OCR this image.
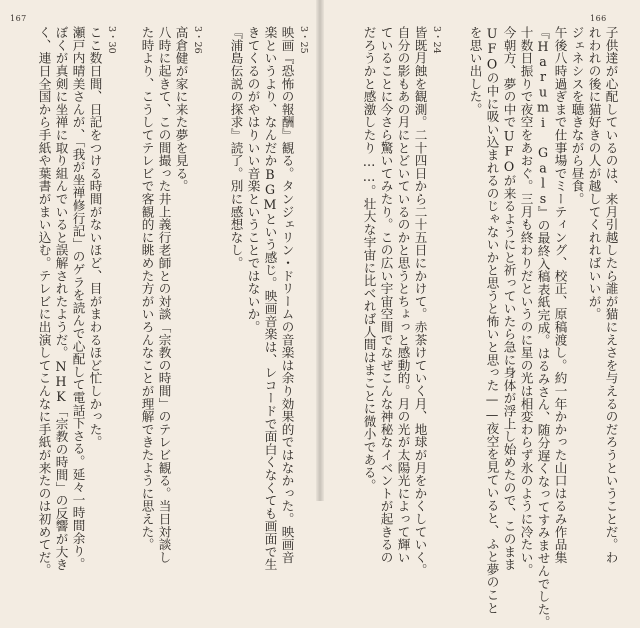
167	166
映画『恐怖の報酬』観る。タンジェリン・ドリームの音楽は余り効果的ではなかった。映画音
楽というより、なんだかBGMという感じ。映画音楽は、レコードで面白くなくても画面で生
きてくるのがやはりいい音楽ということではないか。
『浦島伝説の探求』読了。別に感想なし。
高倉健が家に来た夢を見る。
八時に起きて、この間撮った井上義行老師との対談「宗教の時間」のテレビ観る。当日対談し
た時より、こうしてテレビで客観的に眺めた方がいろんなことが理解できたように思えた。
ここ数日間、日記をつける時間がないほど、目がまわるほど忙しかった。
瀬戸内晴美さんが、「我が坐禅修行記」のゲラを読んで心配して電話下さる。延々一時間余り。
ぼくが真剣に坐禅に取り組んでいると誤解されたようだ。NHK「宗教の時間」の反響が大き
く、連日全国から手紙や葉書がまい込む。テレビに出演してこんなに手紙が来たのは初めてだ。	3・25
3・26
3・30	子供達が心配しているのは、来月引越したら誰が猫にえさを与えるのだろうということだ。わ
れわれの後に猫好きの人が越してくれればいいが。
ジェネシスを聴きながら昼食。
午後八時過ぎまで仕事場でミーティング、校正、原稿渡し。約一年かかった山口はるみ作品集
『Harumi Gals』の最終入稿表紙完成。はるみさん、随分遅くなってすみませんでした。
十数日振りで夜空をあおぐ。三月も終わりだというのに星の光は相変わらず氷のように冷たい。
今朝方、夢の中でUFOが来るようにと祈っていたら急に身体が浮上し始めたので、このまま
UFOの中に吸い込まれるのじゃないかと思うと怖いと思った——夜空を見ていると、ふと夢のこと
を思い出した。
皆既月蝕を観測。二十四日から二十五日にかけて。赤茶けていく月、地球が月をかくしていく。
自分の影もあの月にとどいているのかと思うとちょっと感動的。月の光が太陽光によって輝い
ていることに今さら驚いてみたり。この広い宇宙空間でなぜこんな神秘なイベントが起きるの
だろうかと感激したり……。壮大な宇宙に比べれば人間はまことに微小である。	3・24
